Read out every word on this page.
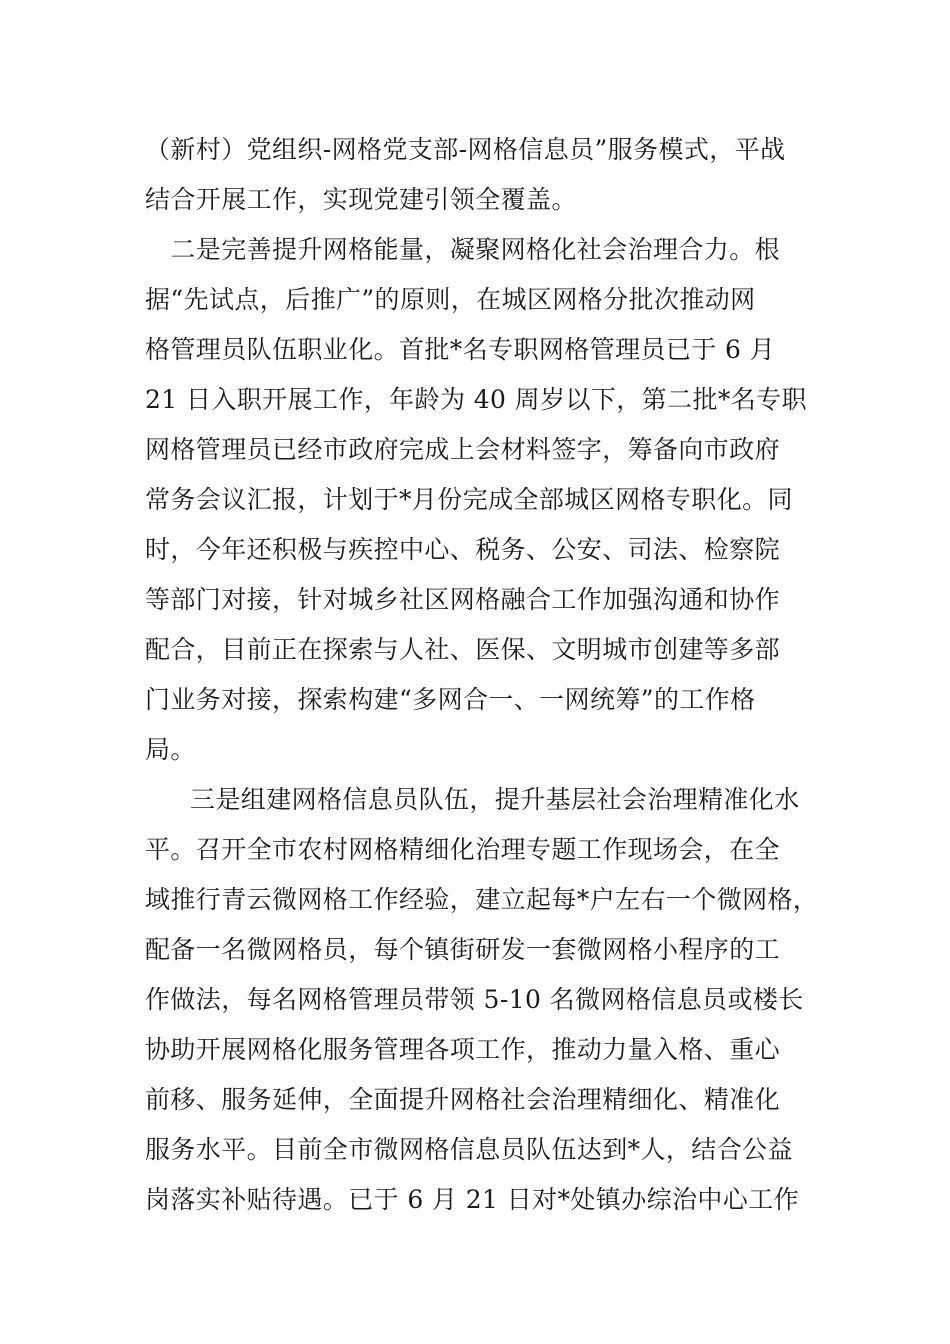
（新村）党组织-网格党支部-网格信息员”服务模式，平战
结合开展工作，实现党建引领全覆盖。
　二是完善提升网格能量，凝聚网格化社会治理合力。根
据“先试点，后推广”的原则，在城区网格分批次推动网
格管理员队伍职业化。首批*名专职网格管理员已于 6 月
21 日入职开展工作，年龄为 40 周岁以下，第二批*名专职
网格管理员已经市政府完成上会材料签字，筹备向市政府
常务会议汇报，计划于*月份完成全部城区网格专职化。同
时，今年还积极与疾控中心、税务、公安、司法、检察院
等部门对接，针对城乡社区网格融合工作加强沟通和协作
配合，目前正在探索与人社、医保、文明城市创建等多部
门业务对接，探索构建“多网合一、一网统筹”的工作格
局。
三是组建网格信息员队伍，提升基层社会治理精准化水
平。召开全市农村网格精细化治理专题工作现场会，在全
域推行青云微网格工作经验，建立起每*户左右一个微网格，
配备一名微网格员，每个镇街研发一套微网格小程序的工
作做法，每名网格管理员带领 5-10 名微网格信息员或楼长
协助开展网格化服务管理各项工作，推动力量入格、重心
前移、服务延伸，全面提升网格社会治理精细化、精准化
服务水平。目前全市微网格信息员队伍达到*人，结合公益
岗落实补贴待遇。已于 6 月 21 日对*处镇办综治中心工作
